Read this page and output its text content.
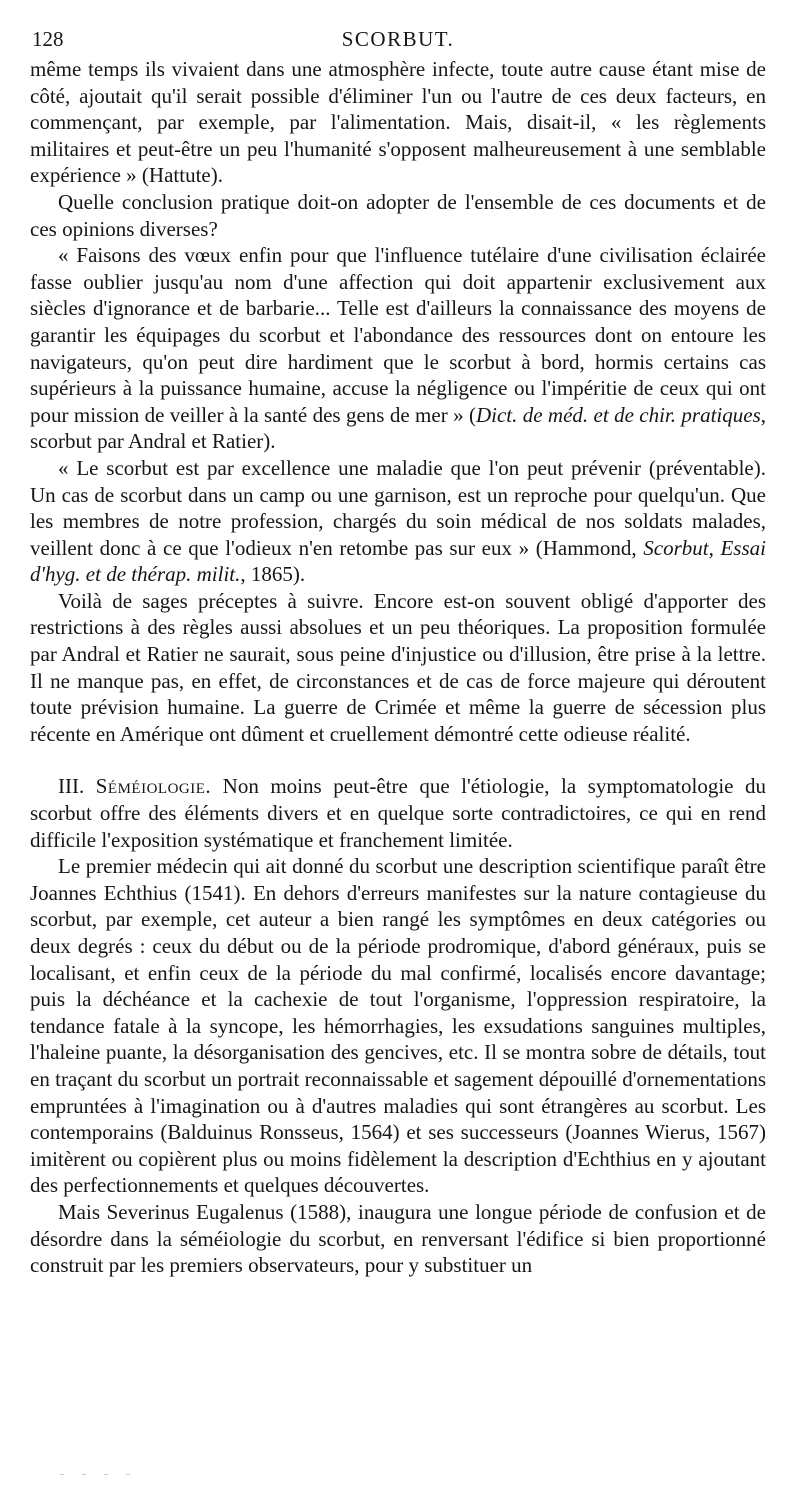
128	SCORBUT.

même temps ils vivaient dans une atmosphère infecte, toute autre cause étant mise de côté, ajoutait qu'il serait possible d'éliminer l'un ou l'autre de ces deux facteurs, en commençant, par exemple, par l'alimentation. Mais, disait-il, « les règlements militaires et peut-être un peu l'humanité s'opposent malheureusement à une semblable expérience » (Hattute).

Quelle conclusion pratique doit-on adopter de l'ensemble de ces documents et de ces opinions diverses?

« Faisons des vœux enfin pour que l'influence tutélaire d'une civilisation éclairée fasse oublier jusqu'au nom d'une affection qui doit appartenir exclusivement aux siècles d'ignorance et de barbarie... Telle est d'ailleurs la connaissance des moyens de garantir les équipages du scorbut et l'abondance des ressources dont on entoure les navigateurs, qu'on peut dire hardiment que le scorbut à bord, hormis certains cas supérieurs à la puissance humaine, accuse la négligence ou l'impéritie de ceux qui ont pour mission de veiller à la santé des gens de mer » (Dict. de méd. et de chir. pratiques, scorbut par Andral et Ratier).

« Le scorbut est par excellence une maladie que l'on peut prévenir (préventable). Un cas de scorbut dans un camp ou une garnison, est un reproche pour quelqu'un. Que les membres de notre profession, chargés du soin médical de nos soldats malades, veillent donc à ce que l'odieux n'en retombe pas sur eux » (Hammond, Scorbut, Essai d'hyg. et de thérap. milit., 1865).

Voilà de sages préceptes à suivre. Encore est-on souvent obligé d'apporter des restrictions à des règles aussi absolues et un peu théoriques. La proposition formulée par Andral et Ratier ne saurait, sous peine d'injustice ou d'illusion, être prise à la lettre. Il ne manque pas, en effet, de circonstances et de cas de force majeure qui déroutent toute prévision humaine. La guerre de Crimée et même la guerre de sécession plus récente en Amérique ont dûment et cruellement démontré cette odieuse réalité.

III. Séméiologie. Non moins peut-être que l'étiologie, la symptomatologie du scorbut offre des éléments divers et en quelque sorte contradictoires, ce qui en rend difficile l'exposition systématique et franchement limitée.

Le premier médecin qui ait donné du scorbut une description scientifique paraît être Joannes Echthius (1541). En dehors d'erreurs manifestes sur la nature contagieuse du scorbut, par exemple, cet auteur a bien rangé les symptômes en deux catégories ou deux degrés : ceux du début ou de la période prodromique, d'abord généraux, puis se localisant, et enfin ceux de la période du mal confirmé, localisés encore davantage; puis la déchéance et la cachexie de tout l'organisme, l'oppression respiratoire, la tendance fatale à la syncope, les hémorrhagies, les exsudations sanguines multiples, l'haleine puante, la désorganisation des gencives, etc. Il se montra sobre de détails, tout en traçant du scorbut un portrait reconnaissable et sagement dépouillé d'ornementations empruntées à l'imagination ou à d'autres maladies qui sont étrangères au scorbut. Les contemporains (Balduinus Ronsseus, 1564) et ses successeurs (Joannes Wierus, 1567) imitèrent ou copièrent plus ou moins fidèlement la description d'Echthius en y ajoutant des perfectionnements et quelques découvertes.

Mais Severinus Eugalenus (1588), inaugura une longue période de confusion et de désordre dans la séméiologie du scorbut, en renversant l'édifice si bien proportionné construit par les premiers observateurs, pour y substituer un
